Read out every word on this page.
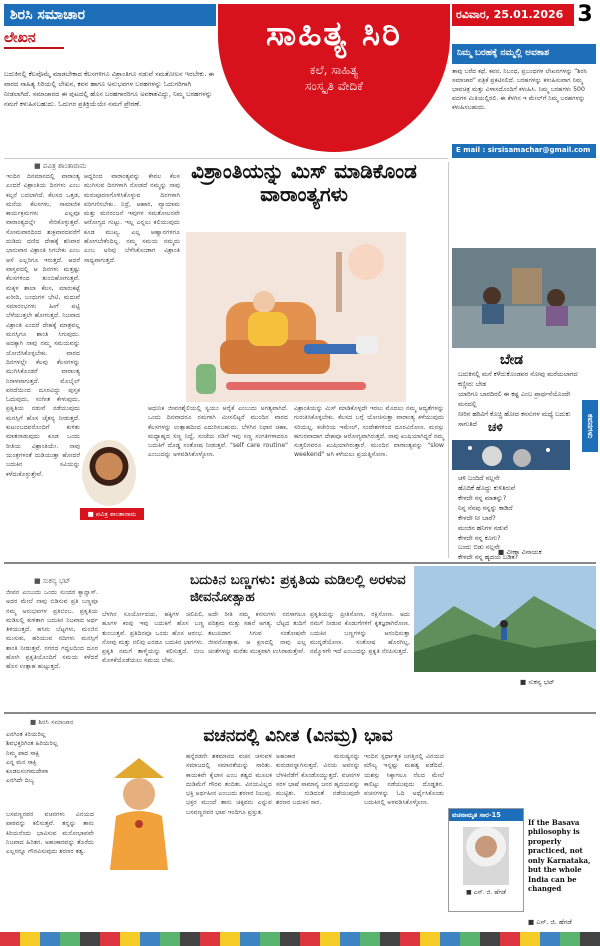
ಶಿರಸಿ ಸಮಾಚಾರ
ಲೇಖನ	ಸಾಹಿತ್ಯ ಸಿರಿ
ಕಲೆ, ಸಾಹಿತ್ಯ
ಸಂಸ್ಕೃತಿ ವೇದಿಕೆ
ರವಿವಾರ, 25.01.2026 3
ಬದುಕಿನಲ್ಲಿ ಕೆಲವೊಮ್ಮೆ ಮಾಡಬೇಕಾದ ಕೆಲಸಗಳಿಗೂ ವಿಶ್ರಾಂತಿಗೂ ನಡುವೆ ಸಮತೋಲನ ಇರಬೇಕು. ಈ ವಾರದ ಸಾಹಿತ್ಯ ಸಿರಿಯಲ್ಲಿ ಲೇಖನ, ಕವನ ಹಾಗೂ ಅನುಭವಗಳ ಬರಹಗಳನ್ನು ಓದುಗರಿಗಾಗಿ ನೀಡಲಾಗಿದೆ. ಸಮಾಚಾರದ ಈ ಪುಟದಲ್ಲಿ ಹೊಸ ಬರಹಗಾರರಿಗೂ ಅವಕಾಶವಿದ್ದು, ನಿಮ್ಮ ಬರಹಗಳನ್ನು ನಮಗೆ ಕಳುಹಿಸಬಹುದು. ಓದುಗರ ಪ್ರತಿಕ್ರಿಯೆಯೇ ನಮಗೆ ಪ್ರೇರಣೆ.
ನಿಮ್ಮ ಬರಹಕ್ಕೆ ನಮ್ಮಲ್ಲಿ ಅವಕಾಶ
ತಾವು ಬರೆದ ಕಥೆ, ಕವನ, ನಿಬಂಧ, ಪ್ರಬಂಧಗಳ ಲೇಖನಗಳನ್ನು "ಶಿರಸಿ ಸಮಾಚಾರ" ಪತ್ರಿಕೆ ಪ್ರಕಟಿಸಲಿದೆ. ಬರಹಗಳನ್ನು ಕಳುಹಿಸುವಾಗ ನಿಮ್ಮ ಭಾವಚಿತ್ರ ಮತ್ತು ವಿಳಾಸದೊಂದಿಗೆ ಕಳುಹಿಸಿ. ನಿಮ್ಮ ಬರಹಗಳು 500 ಪದಗಳ ಮಿತಿಯಲ್ಲಿರಲಿ. ಈ ಕೆಳಗಿನ ಇ ಮೇಲ್‌ಗೆ ನಿಮ್ಮ ಬರಹಗಳನ್ನು ಕಳುಹಿಸಬಹುದು.
E mail : sirsisamachar@gmail.com
■ ಪವಿತ್ರ ಶಾಂತಾರಾಮ	ವಿಶ್ರಾಂತಿಯನ್ನು ಮಿಸ್ ಮಾಡಿಕೊಂಡ ವಾರಾಂತ್ಯಗಳು
ಇಂದಿನ ದಿನಮಾನದಲ್ಲಿ ವಾರಾಂತ್ಯ ಎಂದರೆ ವಿಶ್ರಾಂತಿಯ ದಿನಗಳು ಎಂಬ ಕಲ್ಪನೆ ಬದಲಾಗಿದೆ. ಕೆಲಸದ ಒತ್ತಡ, ಮನೆಯ ಕೆಲಸಗಳು, ಸಾಮಾಜಿಕ ಕಾರ್ಯಕ್ರಮಗಳು ಎಲ್ಲವೂ ವಾರಾಂತ್ಯದಲ್ಲೇ ಸೇರಿಕೊಳ್ಳುತ್ತವೆ. ಸೋಮವಾರದಿಂದ ಶುಕ್ರವಾರದವರೆಗೆ ದುಡಿದು ದಣಿದ ದೇಹಕ್ಕೆ ಶನಿವಾರ ಭಾನುವಾರ ವಿಶ್ರಾಂತಿ ಸಿಗಬೇಕು ಎಂಬ ಆಸೆ ಎಲ್ಲರಿಗೂ ಇರುತ್ತದೆ. ಆದರೆ ವಾಸ್ತವದಲ್ಲಿ ಆ ದಿನಗಳು ಮತ್ತಷ್ಟು ಕೆಲಸಗಳಿಂದ ತುಂಬಿಹೋಗುತ್ತವೆ. ಮಕ್ಕಳ ಶಾಲಾ ಕೆಲಸ, ಮಾರುಕಟ್ಟೆ ಖರೀದಿ, ಬಂಧುಗಳ ಭೇಟಿ, ಮದುವೆ ಸಮಾರಂಭಗಳು ಹೀಗೆ ಪಟ್ಟಿ ಬೆಳೆಯುತ್ತಲೇ ಹೋಗುತ್ತದೆ. ನಿಜವಾದ ವಿಶ್ರಾಂತಿ ಎಂದರೆ ದೇಹಕ್ಕೆ ಮಾತ್ರವಲ್ಲ ಮನಸ್ಸಿಗೂ ಶಾಂತಿ ಸಿಗುವುದು. ಅದಕ್ಕಾಗಿ ನಾವು ನಮ್ಮ ಸಮಯವನ್ನು ಯೋಜಿಸಿಕೊಳ್ಳಬೇಕು. ವಾರದ ದಿನಗಳಲ್ಲೇ ಕೆಲವು ಕೆಲಸಗಳನ್ನು ಮುಗಿಸಿಕೊಂಡರೆ ವಾರಾಂತ್ಯ ನಿರಾಳವಾಗುತ್ತದೆ. ಮೊಬೈಲ್ ಪರದೆಯಿಂದ ದೂರವಿದ್ದು ಪುಸ್ತಕ ಓದುವುದು, ಸಂಗೀತ ಕೇಳುವುದು, ಪ್ರಕೃತಿಯ ನಡುವೆ ನಡೆಯುವುದು ಮನಸ್ಸಿಗೆ ಹೊಸ ಚೈತನ್ಯ ನೀಡುತ್ತದೆ. ಕುಟುಂಬದವರೊಂದಿಗೆ ಕುಳಿತು ಮಾತನಾಡುವುದು ಕೂಡ ಒಂದು ರೀತಿಯ ವಿಶ್ರಾಂತಿಯೇ. ನಾವು ಯಂತ್ರಗಳಂತೆ ದುಡಿಯುತ್ತಾ ಹೋದರೆ ಬದುಕಿನ ಸವಿಯನ್ನು ಕಳೆದುಕೊಳ್ಳುತ್ತೇವೆ.
ಆದ್ದರಿಂದ ವಾರಾಂತ್ಯವನ್ನು ಕೇವಲ ಕೆಲಸ ಮುಗಿಸುವ ದಿನಗಳಾಗಿ ನೋಡದೆ ನಮ್ಮನ್ನು ನಾವು ಮರುಪೂರಣಗೊಳಿಸಿಕೊಳ್ಳುವ ದಿನಗಳಾಗಿ ಪರಿಗಣಿಸಬೇಕು. ನಿದ್ರೆ, ಆಹಾರ, ವ್ಯಾಯಾಮ ಮತ್ತು ಮನರಂಜನೆ ಇವುಗಳ ಸಮತೋಲನವೇ ಆರೋಗ್ಯದ ಗುಟ್ಟು. ಇಲ್ಲ ಎನ್ನಲು ಕಲಿಯುವುದು ಕೂಡ ಮುಖ್ಯ. ಎಲ್ಲ ಆಹ್ವಾನಗಳಿಗೂ ಹೋಗಬೇಕೆಂದಿಲ್ಲ. ನಮ್ಮ ಸಮಯ ನಮ್ಮದು ಎಂಬ ಅರಿವು ಬೆಳೆಸಿಕೊಂಡಾಗ ವಿಶ್ರಾಂತಿ ಸಾಧ್ಯವಾಗುತ್ತದೆ.
ಆಧುನಿಕ ಜೀವನಶೈಲಿಯಲ್ಲಿ ಸ್ವಯಂ ಆರೈಕೆ ಎಂಬುದು ಅಗತ್ಯವಾಗಿದೆ. ಒಂದು ದಿನವಾದರೂ ನಮಗಾಗಿ ಮೀಸಲಿಟ್ಟರೆ ಮುಂದಿನ ವಾರದ ಕೆಲಸಗಳನ್ನು ಉತ್ಸಾಹದಿಂದ ಎದುರಿಸಬಹುದು. ಬೆಳಗಿನ ನಿಧಾನ ಚಹಾ, ಮಧ್ಯಾಹ್ನದ ಸಣ್ಣ ನಿದ್ದೆ, ಸಂಜೆಯ ನಡಿಗೆ ಇವು ಸಣ್ಣ ಸಂಗತಿಗಳಾದರೂ ಬದುಕಿಗೆ ದೊಡ್ಡ ಸಂತೋಷ ನೀಡುತ್ತವೆ. "self care routine" ಎಂಬುದನ್ನು ಅಳವಡಿಸಿಕೊಳ್ಳೋಣ.
ವಿಶ್ರಾಂತಿಯನ್ನು ಮಿಸ್ ಮಾಡಿಕೊಳ್ಳದೇ ಇರಲು ಮೊದಲು ನಮ್ಮ ಆದ್ಯತೆಗಳನ್ನು ಗುರುತಿಸಿಕೊಳ್ಳಬೇಕು. ಕೆಲಸದ ಬಗ್ಗೆ ಯೋಚಿಸುತ್ತಾ ವಾರಾಂತ್ಯ ಕಳೆಯುವುದು ಸರಿಯಲ್ಲ. ಕಚೇರಿಯ ಇಮೇಲ್, ಸಂದೇಶಗಳಿಂದ ದೂರವಿರೋಣ. ಮನಸ್ಸು ಹಗುರವಾದಾಗ ದೇಹವೂ ಆರೋಗ್ಯವಾಗಿರುತ್ತದೆ. ನಾವು ಖುಷಿಯಾಗಿದ್ದರೆ ನಮ್ಮ ಸುತ್ತಲಿನವರೂ ಖುಷಿಯಾಗಿರುತ್ತಾರೆ. ಮುಂದಿನ ವಾರಾಂತ್ಯವನ್ನು "slow weekend" ಆಗಿ ಕಳೆಯಲು ಪ್ರಯತ್ನಿಸೋಣ.
■ ಪವಿತ್ರ ಶಾಂತಾರಾಮ
ಬೇಡ
ಬದುಕಿನಲ್ಲಿ ಮನೆ ಕಳೆದುಕೊಂಡವರ ನೋವು ಮರೆಯಲಾಗದ ಕಣ್ಣೀರು ಬೇಡ
ಯಾರಿಗೂ ಬಾರದಿರಲಿ ಈ ಕಷ್ಟ ಎಂಬ ಪ್ರಾರ್ಥನೆಯೊಂದೇ ಮನದಲ್ಲಿ
ನೀರಿನ ಹರಿವಿಗೆ ಕೊಚ್ಚಿ ಹೋದ ಕನಸುಗಳ ಮಧ್ಯೆ ಬದುಕು ಸಾಗುತಿದೆ	ಕವನಗಳು
ಚಳಿ
ಚಳಿ ಬಂದಿದೆ ನಲ್ಲನೇ
ಹೊದಿಕೆ ಹೊದ್ದು ಕುಳಿತಿರುವೆ
ಕೇಳದೇ ನನ್ನ ಮಾತನ್ನು?
ನಿನ್ನ ನೆನಪು ನನ್ನನ್ನು ಕಾಡಿದೆ
ಕೇಳದೇ ನೀ ಬಾರೆ?
ಮಂಜಿನ ಹನಿಗಳ ನಡುವೆ
ಕೇಳದೇ ನನ್ನ ಕೂಗು?
ಬಂದು ಬಿಡು ನಲ್ಲನೇ
ಕೇಳದೇ ನನ್ನ ಹೃದಯ ಬಡಿತ?
■ ವೀಣಾ ವಿನಾಯಕ
■ ಸುಕನ್ಯ ಭಟ್	ಬದುಕಿನ ಬಣ್ಣಗಳು: ಪ್ರಕೃತಿಯ ಮಡಿಲಲ್ಲಿ ಅರಳುವ ಜೀವನೋತ್ಸಾಹ
ಜೀವನ ಎಂಬುದು ಒಂದು ಸುಂದರ ಕ್ಯಾನ್ವಾಸ್. ಅದರ ಮೇಲೆ ನಾವು ಬಿಡಿಸುವ ಪ್ರತಿ ಬಣ್ಣವೂ ನಮ್ಮ ಅನುಭವಗಳ ಪ್ರತಿಬಿಂಬ. ಪ್ರಕೃತಿಯ ಮಡಿಲಲ್ಲಿ ಕುಳಿತಾಗ ಬದುಕಿನ ನಿಜವಾದ ಅರ್ಥ ತಿಳಿಯುತ್ತದೆ. ಹಸಿರು ಬೆಟ್ಟಗಳು, ಮಂಜಿನ ಮುಸುಕು, ಹರಿಯುವ ನದಿಗಳು ಮನಸ್ಸಿಗೆ ಶಾಂತಿ ನೀಡುತ್ತವೆ. ನಗರದ ಗದ್ದಲದಿಂದ ದೂರ ಹೋಗಿ ಪ್ರಕೃತಿಯೊಂದಿಗೆ ಸಮಯ ಕಳೆದರೆ ಹೊಸ ಉತ್ಸಾಹ ಹುಟ್ಟುತ್ತದೆ.
ಬೆಳಗಿನ ಸೂರ್ಯೋದಯ, ಹಕ್ಕಿಗಳ ಚಿಲಿಪಿಲಿ, ಹೂಗಳ ಕಂಪು ಇವು ಬದುಕಿಗೆ ಹೊಸ ಬಣ್ಣ ತುಂಬುತ್ತವೆ. ಪ್ರತಿದಿನವೂ ಒಂದು ಹೊಸ ಆರಂಭ. ನೋವು ಮತ್ತು ನಲಿವು ಎರಡೂ ಬದುಕಿನ ಭಾಗಗಳು. ಪ್ರಕೃತಿ ನಮಗೆ ತಾಳ್ಮೆಯನ್ನು ಕಲಿಸುತ್ತದೆ. ಬೀಜ ಮೊಳಕೆಯೊಡೆಯಲು ಸಮಯ ಬೇಕು.
ಅದೇ ರೀತಿ ನಮ್ಮ ಕನಸುಗಳು ನನಸಾಗಲೂ ಪರಿಶ್ರಮ ಮತ್ತು ಸಹನೆ ಅಗತ್ಯ. ಬೆಟ್ಟದ ತುದಿಗೆ ತಲುಪಿದಾಗ ಸಿಗುವ ಸಂತೋಷವೇ ಜೀವನೋತ್ಸಾಹ. ಆ ಕ್ಷಣದಲ್ಲಿ ನಾವು ಎಲ್ಲ ಚಿಂತೆಗಳನ್ನು ಮರೆತು ಮುಕ್ತವಾಗಿ ಉಸಿರಾಡುತ್ತೇವೆ.
ಪ್ರಕೃತಿಯನ್ನು ಪ್ರೀತಿಸೋಣ, ರಕ್ಷಿಸೋಣ. ಅದು ನಮಗೆ ನೀಡುವ ಕೊಡುಗೆಗಳಿಗೆ ಕೃತಜ್ಞರಾಗಿರೋಣ. ಬದುಕಿನ ಬಣ್ಣಗಳನ್ನು ಆನಂದಿಸುತ್ತಾ ಮುನ್ನಡೆಯೋಣ. ಸಂತೋಷ ಹೊರಗಿಲ್ಲ, ನಮ್ಮೊಳಗೇ ಇದೆ ಎಂಬುದನ್ನು ಪ್ರಕೃತಿ ನೆನಪಿಸುತ್ತದೆ.
■ ಸುಕನ್ಯ ಭಟ್
■ ಶಿರಸಿ ಸಮಾಚಾರ
ಎನಗಿಂತ ಕಿರಿಯರಿಲ್ಲ
ಶಿವಭಕ್ತರಿಗಿಂತ ಹಿರಿಯರಿಲ್ಲ
ನಿಮ್ಮ ಪಾದ ಸಾಕ್ಷಿ
ಎನ್ನ ಮನ ಸಾಕ್ಷಿ
ಕೂಡಲಸಂಗಮದೇವಾ
ಎನಗಿದೇ ದಿಬ್ಯ
ವಚನದಲ್ಲಿ ವಿನೀತ (ವಿನಮ್ರ) ಭಾವ
ಬಸವಣ್ಣನವರ ವಚನಗಳು ವಿನಯದ ಪಾಠವನ್ನು ಕಲಿಸುತ್ತವೆ. ತನ್ನನ್ನು ತಾನು ಕಿರಿಯನೆಂದು ಭಾವಿಸುವ ಮನೋಭಾವವೇ ನಿಜವಾದ ಹಿರಿತನ. ಅಹಂಕಾರವನ್ನು ತೊರೆದು ಎಲ್ಲರನ್ನೂ ಗೌರವಿಸುವುದು ಶರಣರ ತತ್ವ.
ಹನ್ನೆರಡನೇ ಶತಮಾನದ ವಚನ ಚಳುವಳಿ ಸಮಾಜದಲ್ಲಿ ಸಮಾನತೆಯನ್ನು ಸಾರಿತು. ಕಾಯಕವೇ ಕೈಲಾಸ ಎಂಬ ತತ್ವದ ಮೂಲಕ ದುಡಿಮೆಗೆ ಗೌರವ ತಂದಿತು. ವಿನಯವಿಲ್ಲದ ಭಕ್ತಿ ಅರ್ಥಹೀನ ಎಂಬುದು ಶರಣರ ನಿಲುವು. ಭಕ್ತರ ಮುಂದೆ ತಾನು ಚಿಕ್ಕವನು ಎನ್ನುವ ಬಸವಣ್ಣನವರ ಭಾವ ಇಂದಿಗೂ ಪ್ರಸ್ತುತ.
ಅಹಂಕಾರ ಮನುಷ್ಯನನ್ನು ಕುರುಡನನ್ನಾಗಿಸುತ್ತದೆ. ವಿನಯ ಅವನನ್ನು ಬೆಳಕಿನೆಡೆಗೆ ಕೊಂಡೊಯ್ಯುತ್ತದೆ. ವಚನಗಳ ಸರಳ ಭಾಷೆ ಸಾಮಾನ್ಯ ಜನರ ಹೃದಯವನ್ನು ಮುಟ್ಟಿತು. ನುಡಿದಂತೆ ನಡೆಯುವುದೇ ಶರಣರ ಬದುಕಿನ ಸಾರ.
ಇಂದಿನ ಸ್ಪರ್ಧಾತ್ಮಕ ಜಗತ್ತಿನಲ್ಲಿ ವಿನಯದ ಮೌಲ್ಯ ಇನ್ನಷ್ಟು ಮಹತ್ವ ಪಡೆದಿದೆ. ಯಶಸ್ಸು ಸಿಕ್ಕಾಗಲೂ ನೆಲದ ಮೇಲೆ ಕಾಲಿಟ್ಟು ನಡೆಯುವುದು ದೊಡ್ಡತನ. ವಚನಗಳನ್ನು ಓದಿ ಅರ್ಥೈಸಿಕೊಂಡು ಬದುಕಿನಲ್ಲಿ ಅಳವಡಿಸಿಕೊಳ್ಳೋಣ.
ವಚನಾಮೃತ ಸಾರ-15
■ ಎಸ್. ಜಿ. ಹೆಗಡೆ
If the Basava philosophy is properly practiced, not only Karnataka, but the whole India can be changed
■ ಎಸ್. ಜಿ. ಹೆಗಡೆ
